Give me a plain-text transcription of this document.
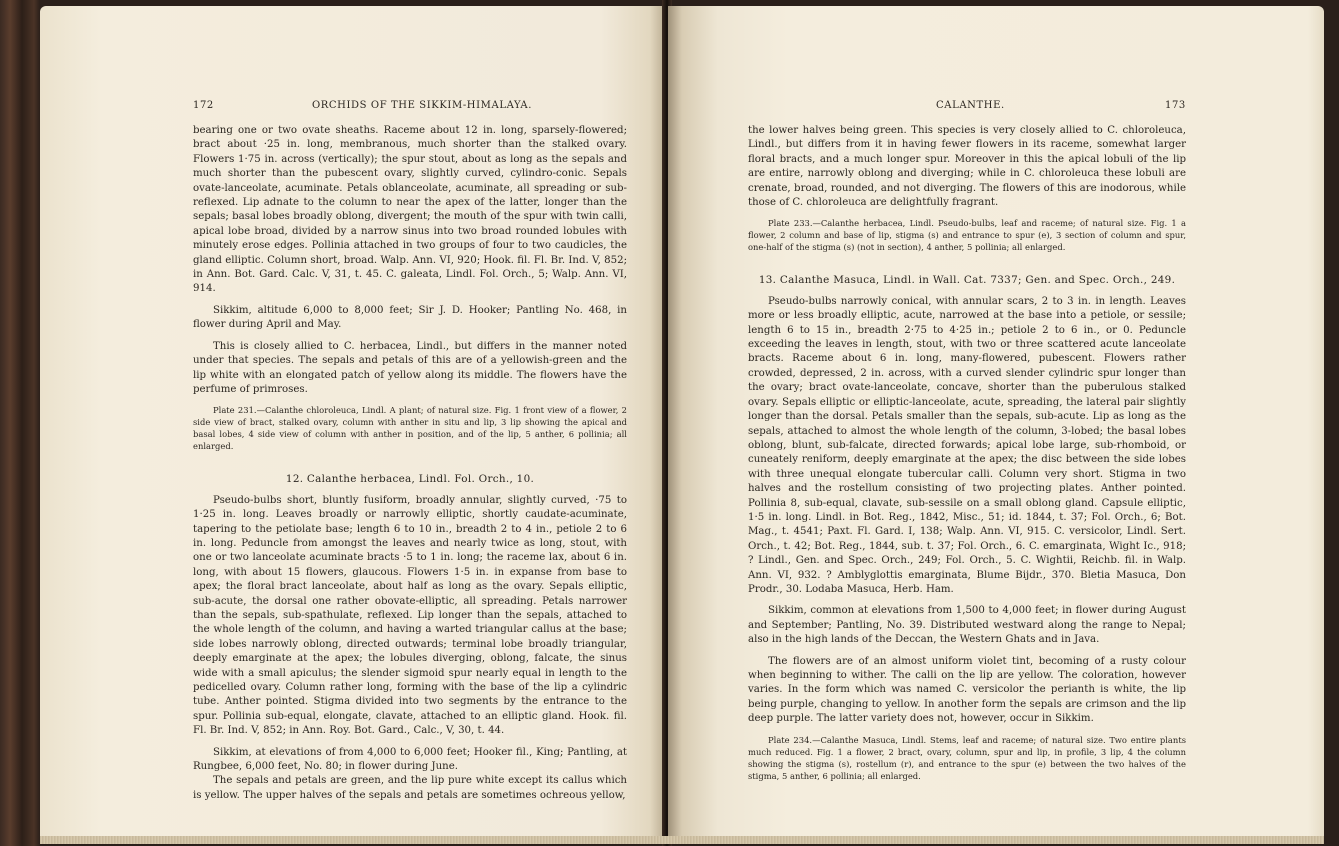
172	ORCHIDS OF THE SIKKIM-HIMALAYA.

bearing one or two ovate sheaths. Raceme about 12 in. long, sparsely-flowered; bract about ·25 in. long, membranous, much shorter than the stalked ovary. Flowers 1·75 in. across (vertically); the spur stout, about as long as the sepals and much shorter than the pubescent ovary, slightly curved, cylindro-conic. Sepals ovate-lanceolate, acuminate. Petals oblanceolate, acuminate, all spreading or sub-reflexed. Lip adnate to the column to near the apex of the latter, longer than the sepals; basal lobes broadly oblong, divergent; the mouth of the spur with twin calli, apical lobe broad, divided by a narrow sinus into two broad rounded lobules with minutely erose edges. Pollinia attached in two groups of four to two caudicles, the gland elliptic. Column short, broad. Walp. Ann. VI, 920; Hook. fil. Fl. Br. Ind. V, 852; in Ann. Bot. Gard. Calc. V, 31, t. 45. C. galeata, Lindl. Fol. Orch., 5; Walp. Ann. VI, 914.

Sikkim, altitude 6,000 to 8,000 feet; Sir J. D. Hooker; Pantling No. 468, in flower during April and May.

This is closely allied to C. herbacea, Lindl., but differs in the manner noted under that species. The sepals and petals of this are of a yellowish-green and the lip white with an elongated patch of yellow along its middle. The flowers have the perfume of primroses.

Plate 231.—Calanthe chloroleuca, Lindl. A plant; of natural size. Fig. 1 front view of a flower, 2 side view of bract, stalked ovary, column with anther in situ and lip, 3 lip showing the apical and basal lobes, 4 side view of column with anther in position, and of the lip, 5 anther, 6 pollinia; all enlarged.

12. Calanthe herbacea, Lindl. Fol. Orch., 10.

Pseudo-bulbs short, bluntly fusiform, broadly annular, slightly curved, ·75 to 1·25 in. long. Leaves broadly or narrowly elliptic, shortly caudate-acuminate, tapering to the petiolate base; length 6 to 10 in., breadth 2 to 4 in., petiole 2 to 6 in. long. Peduncle from amongst the leaves and nearly twice as long, stout, with one or two lanceolate acuminate bracts ·5 to 1 in. long; the raceme lax, about 6 in. long, with about 15 flowers, glaucous. Flowers 1·5 in. in expanse from base to apex; the floral bract lanceolate, about half as long as the ovary. Sepals elliptic, sub-acute, the dorsal one rather obovate-elliptic, all spreading. Petals narrower than the sepals, sub-spathulate, reflexed. Lip longer than the sepals, attached to the whole length of the column, and having a warted triangular callus at the base; side lobes narrowly oblong, directed outwards; terminal lobe broadly triangular, deeply emarginate at the apex; the lobules diverging, oblong, falcate, the sinus wide with a small apiculus; the slender sigmoid spur nearly equal in length to the pedicelled ovary. Column rather long, forming with the base of the lip a cylindric tube. Anther pointed. Stigma divided into two segments by the entrance to the spur. Pollinia sub-equal, elongate, clavate, attached to an elliptic gland. Hook. fil. Fl. Br. Ind. V, 852; in Ann. Roy. Bot. Gard., Calc., V, 30, t. 44.

Sikkim, at elevations of from 4,000 to 6,000 feet; Hooker fil., King; Pantling, at Rungbee, 6,000 feet, No. 80; in flower during June.

The sepals and petals are green, and the lip pure white except its callus which is yellow. The upper halves of the sepals and petals are sometimes ochreous yellow,

CALANTHE.	173

the lower halves being green. This species is very closely allied to C. chloroleuca, Lindl., but differs from it in having fewer flowers in its raceme, somewhat larger floral bracts, and a much longer spur. Moreover in this the apical lobuli of the lip are entire, narrowly oblong and diverging; while in C. chloroleuca these lobuli are crenate, broad, rounded, and not diverging. The flowers of this are inodorous, while those of C. chloroleuca are delightfully fragrant.

Plate 233.—Calanthe herbacea, Lindl. Pseudo-bulbs, leaf and raceme; of natural size. Fig. 1 a flower, 2 column and base of lip, stigma (s) and entrance to spur (e), 3 section of column and spur, one-half of the stigma (s) (not in section), 4 anther, 5 pollinia; all enlarged.

13. Calanthe Masuca, Lindl. in Wall. Cat. 7337; Gen. and Spec. Orch., 249.

Pseudo-bulbs narrowly conical, with annular scars, 2 to 3 in. in length. Leaves more or less broadly elliptic, acute, narrowed at the base into a petiole, or sessile; length 6 to 15 in., breadth 2·75 to 4·25 in.; petiole 2 to 6 in., or 0. Peduncle exceeding the leaves in length, stout, with two or three scattered acute lanceolate bracts. Raceme about 6 in. long, many-flowered, pubescent. Flowers rather crowded, depressed, 2 in. across, with a curved slender cylindric spur longer than the ovary; bract ovate-lanceolate, concave, shorter than the puberulous stalked ovary. Sepals elliptic or elliptic-lanceolate, acute, spreading, the lateral pair slightly longer than the dorsal. Petals smaller than the sepals, sub-acute. Lip as long as the sepals, attached to almost the whole length of the column, 3-lobed; the basal lobes oblong, blunt, sub-falcate, directed forwards; apical lobe large, sub-rhomboid, or cuneately reniform, deeply emarginate at the apex; the disc between the side lobes with three unequal elongate tubercular calli. Column very short. Stigma in two halves and the rostellum consisting of two projecting plates. Anther pointed. Pollinia 8, sub-equal, clavate, sub-sessile on a small oblong gland. Capsule elliptic, 1·5 in. long. Lindl. in Bot. Reg., 1842, Misc., 51; id. 1844, t. 37; Fol. Orch., 6; Bot. Mag., t. 4541; Paxt. Fl. Gard. I, 138; Walp. Ann. VI, 915. C. versicolor, Lindl. Sert. Orch., t. 42; Bot. Reg., 1844, sub. t. 37; Fol. Orch., 6. C. emarginata, Wight Ic., 918; ? Lindl., Gen. and Spec. Orch., 249; Fol. Orch., 5. C. Wightii, Reichb. fil. in Walp. Ann. VI, 932. ? Amblyglottis emarginata, Blume Bijdr., 370. Bletia Masuca, Don Prodr., 30. Lodaba Masuca, Herb. Ham.

Sikkim, common at elevations from 1,500 to 4,000 feet; in flower during August and September; Pantling, No. 39. Distributed westward along the range to Nepal; also in the high lands of the Deccan, the Western Ghats and in Java.

The flowers are of an almost uniform violet tint, becoming of a rusty colour when beginning to wither. The calli on the lip are yellow. The coloration, however varies. In the form which was named C. versicolor the perianth is white, the lip being purple, changing to yellow. In another form the sepals are crimson and the lip deep purple. The latter variety does not, however, occur in Sikkim.

Plate 234.—Calanthe Masuca, Lindl. Stems, leaf and raceme; of natural size. Two entire plants much reduced. Fig. 1 a flower, 2 bract, ovary, column, spur and lip, in profile, 3 lip, 4 the column showing the stigma (s), rostellum (r), and entrance to the spur (e) between the two halves of the stigma, 5 anther, 6 pollinia; all enlarged.
